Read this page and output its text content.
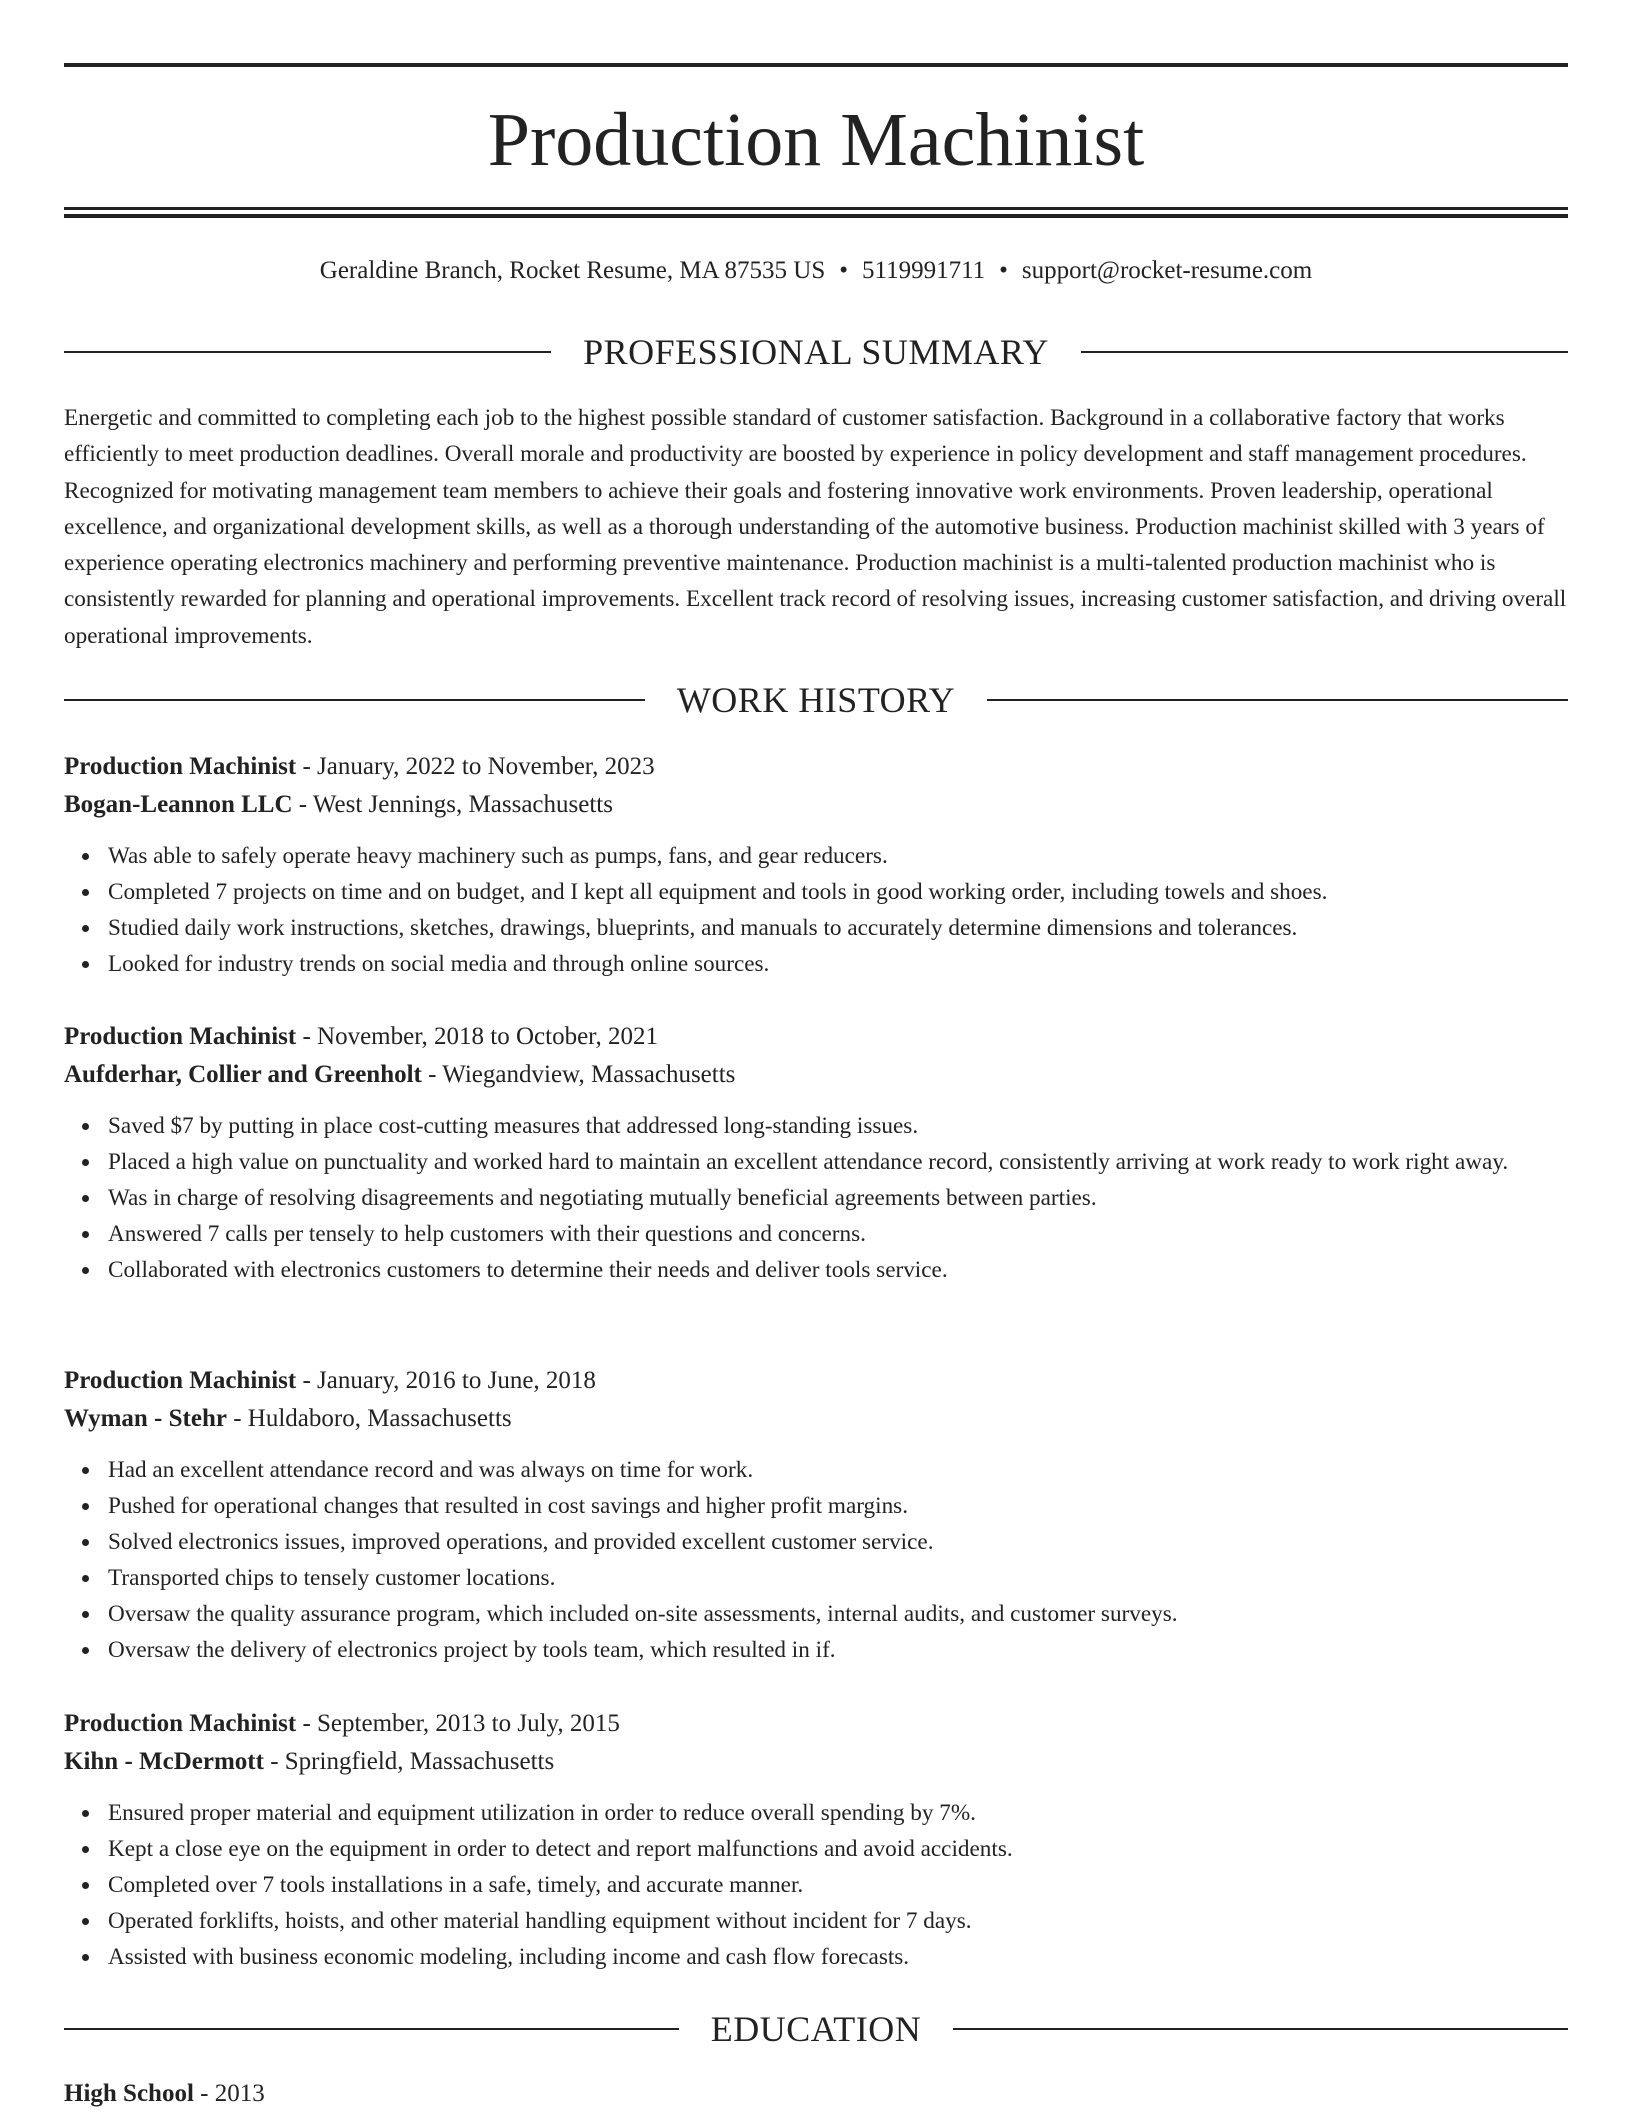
Production Machinist
Geraldine Branch, Rocket Resume, MA 87535 US • 5119991711 • support@rocket-resume.com
PROFESSIONAL SUMMARY

Energetic and committed to completing each job to the highest possible standard of customer satisfaction. Background in a collaborative factory that works efficiently to meet production deadlines. Overall morale and productivity are boosted by experience in policy development and staff management procedures. Recognized for motivating management team members to achieve their goals and fostering innovative work environments. Proven leadership, operational excellence, and organizational development skills, as well as a thorough understanding of the automotive business. Production machinist skilled with 3 years of experience operating electronics machinery and performing preventive maintenance. Production machinist is a multi-talented production machinist who is consistently rewarded for planning and operational improvements. Excellent track record of resolving issues, increasing customer satisfaction, and driving overall operational improvements.

WORK HISTORY
Production Machinist - January, 2022 to November, 2023
Bogan-Leannon LLC - West Jennings, Massachusetts
Was able to safely operate heavy machinery such as pumps, fans, and gear reducers.
Completed 7 projects on time and on budget, and I kept all equipment and tools in good working order, including towels and shoes.
Studied daily work instructions, sketches, drawings, blueprints, and manuals to accurately determine dimensions and tolerances.
Looked for industry trends on social media and through online sources.
Production Machinist - November, 2018 to October, 2021
Aufderhar, Collier and Greenholt - Wiegandview, Massachusetts
Saved $7 by putting in place cost-cutting measures that addressed long-standing issues.
Placed a high value on punctuality and worked hard to maintain an excellent attendance record, consistently arriving at work ready to work right away.
Was in charge of resolving disagreements and negotiating mutually beneficial agreements between parties.
Answered 7 calls per tensely to help customers with their questions and concerns.
Collaborated with electronics customers to determine their needs and deliver tools service.
Production Machinist - January, 2016 to June, 2018
Wyman - Stehr - Huldaboro, Massachusetts
Had an excellent attendance record and was always on time for work.
Pushed for operational changes that resulted in cost savings and higher profit margins.
Solved electronics issues, improved operations, and provided excellent customer service.
Transported chips to tensely customer locations.
Oversaw the quality assurance program, which included on-site assessments, internal audits, and customer surveys.
Oversaw the delivery of electronics project by tools team, which resulted in if.
Production Machinist - September, 2013 to July, 2015
Kihn - McDermott - Springfield, Massachusetts
Ensured proper material and equipment utilization in order to reduce overall spending by 7%.
Kept a close eye on the equipment in order to detect and report malfunctions and avoid accidents.
Completed over 7 tools installations in a safe, timely, and accurate manner.
Operated forklifts, hoists, and other material handling equipment without incident for 7 days.
Assisted with business economic modeling, including income and cash flow forecasts.
EDUCATION
High School - 2013
